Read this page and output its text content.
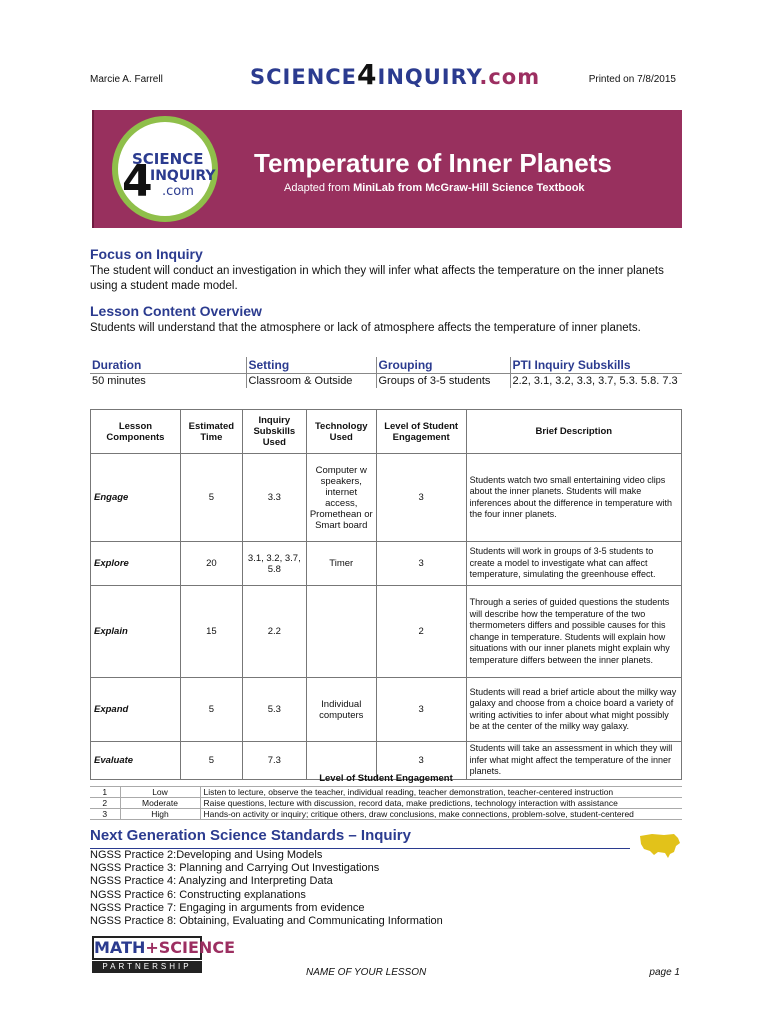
Marcie A. Farrell	SCIENCE4INQUIRY.com	Printed on 7/8/2015
SCIENCE
4
INQUIRY
.com
Temperature of Inner Planets
Adapted from MiniLab from McGraw-Hill Science Textbook
Focus on Inquiry

The student will conduct an investigation in which they will infer what affects the temperature on the inner planets using a student made model.

Lesson Content Overview

Students will understand that the atmosphere or lack of atmosphere affects the temperature of inner planets.

Duration	Setting	Grouping	PTI Inquiry Subskills
50 minutes	Classroom & Outside	Groups of 3-5 students	2.2, 3.1, 3.2, 3.3, 3.7, 5.3. 5.8. 7.3
Lesson Components	Estimated Time	Inquiry Subskills Used	Technology Used	Level of Student Engagement	Brief Description
Engage	5	3.3	Computer w speakers, internet access, Promethean or Smart board	3	Students watch two small entertaining video clips about the inner planets. Students will make inferences about the difference in temperature with the four inner planets.
Explore	20	3.1, 3.2, 3.7, 5.8	Timer	3	Students will work in groups of 3-5 students to create a model to investigate what can affect temperature, simulating the greenhouse effect.
Explain	15	2.2		2	Through a series of guided questions the students will describe how the temperature of the two thermometers differs and possible causes for this change in temperature. Students will explain how situations with our inner planets might explain why temperature differs between the inner planets.
Expand	5	5.3	Individual computers	3	Students will read a brief article about the milky way galaxy and choose from a choice board a variety of writing activities to infer about what might possibly be at the center of the milky way galaxy.
Evaluate	5	7.3		3	Students will take an assessment in which they will infer what might affect the temperature of the inner planets.
Level of Student Engagement
1	Low	Listen to lecture, observe the teacher, individual reading, teacher demonstration, teacher-centered instruction
2	Moderate	Raise questions, lecture with discussion, record data, make predictions, technology interaction with assistance
3	High	Hands-on activity or inquiry; critique others, draw conclusions, make connections, problem-solve, student-centered
Next Generation Science Standards – Inquiry
NGSS Practice 2:Developing and Using Models
NGSS Practice 3: Planning and Carrying Out Investigations
NGSS Practice 4: Analyzing and Interpreting Data
NGSS Practice 6: Constructing explanations
NGSS Practice 7: Engaging in arguments from evidence
NGSS Practice 8: Obtaining, Evaluating and Communicating Information
MATH+SCIENCE
PARTNERSHIP
NAME OF YOUR LESSON	page 1
